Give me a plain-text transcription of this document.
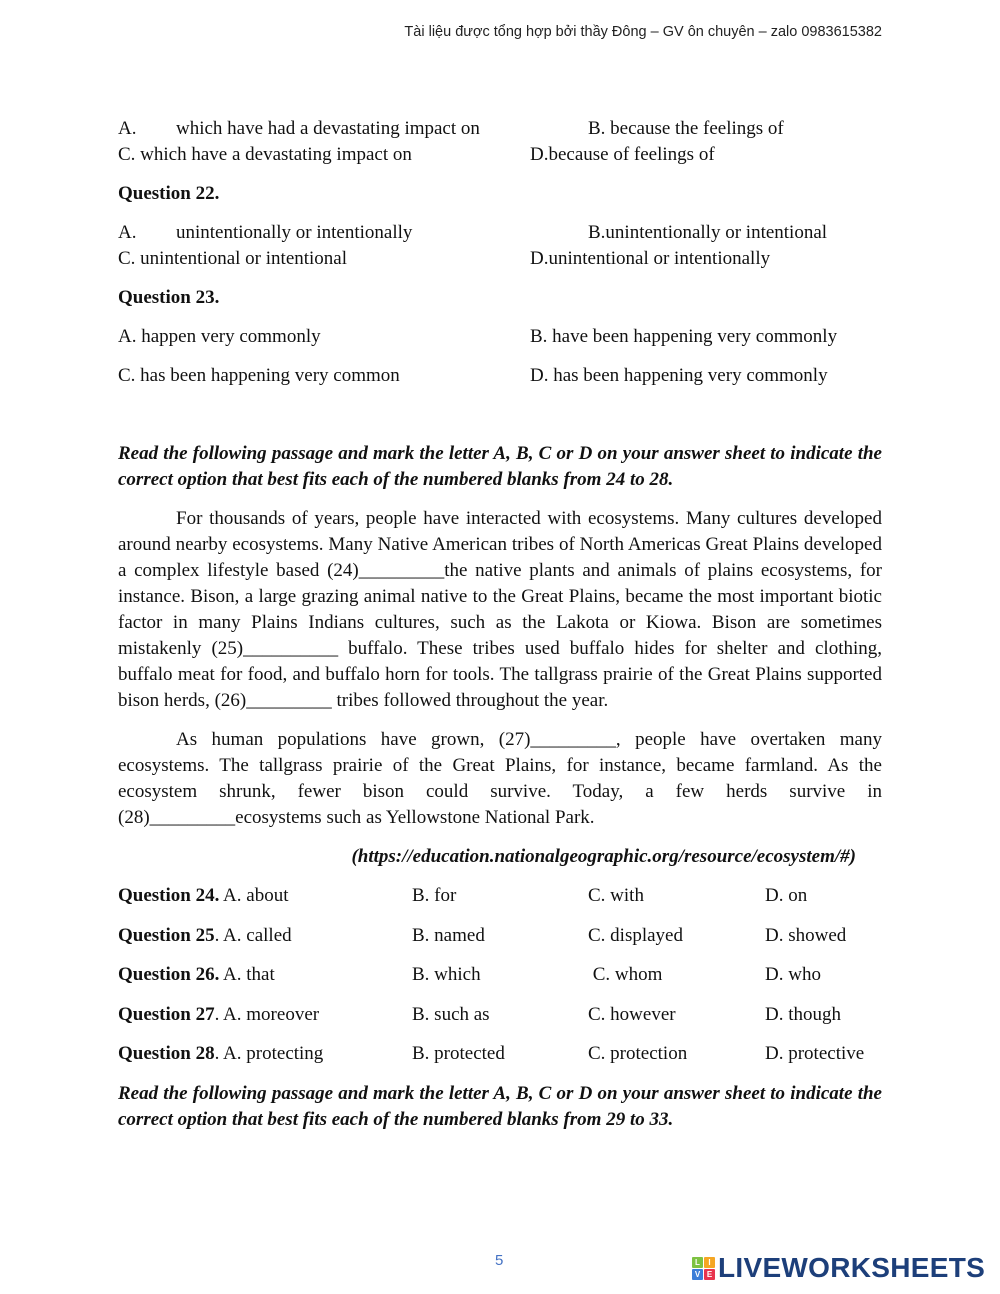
Tài liệu được tổng hợp bởi thầy Đông – GV ôn chuyên – zalo 0983615382
A.	which have had a devastating impact on	B. because the feelings of
C. which have a devastating impact on	D.because of feelings of
Question 22.
A.	unintentionally or intentionally	B.unintentionally or intentional
C. unintentional or intentional	D.unintentional or intentionally
Question 23.
A. happen very commonly	B. have been happening very commonly
C. has been happening very common	D. has been happening very commonly
Read the following passage and mark the letter A, B, C or D on your answer sheet to indicate the correct option that best fits each of the numbered blanks from 24 to 28.
For thousands of years, people have interacted with ecosystems. Many cultures developed around nearby ecosystems. Many Native American tribes of North Americas Great Plains developed a complex lifestyle based (24)_________the native plants and animals of plains ecosystems, for instance. Bison, a large grazing animal native to the Great Plains, became the most important biotic factor in many Plains Indians cultures, such as the Lakota or Kiowa. Bison are sometimes mistakenly (25)__________ buffalo. These tribes used buffalo hides for shelter and clothing, buffalo meat for food, and buffalo horn for tools. The tallgrass prairie of the Great Plains supported bison herds, (26)_________ tribes followed throughout the year.
As human populations have grown, (27)_________, people have overtaken many ecosystems. The tallgrass prairie of the Great Plains, for instance, became farmland. As the ecosystem shrunk, fewer bison could survive. Today, a few herds survive in (28)_________ecosystems such as Yellowstone National Park.
(https://education.nationalgeographic.org/resource/ecosystem/#)
Question 24. A. about	B. for	C. with	D. on
Question 25. A. called	B. named	C. displayed	D. showed
Question 26. A. that	B. which	C. whom	D. who
Question 27. A. moreover	B. such as	C. however	D. though
Question 28. A. protecting	B. protected	C. protection	D. protective
Read the following passage and mark the letter A, B, C or D on your answer sheet to indicate the correct option that best fits each of the numbered blanks from 29 to 33.
5	L	I
V E LIVEWORKSHEETS
